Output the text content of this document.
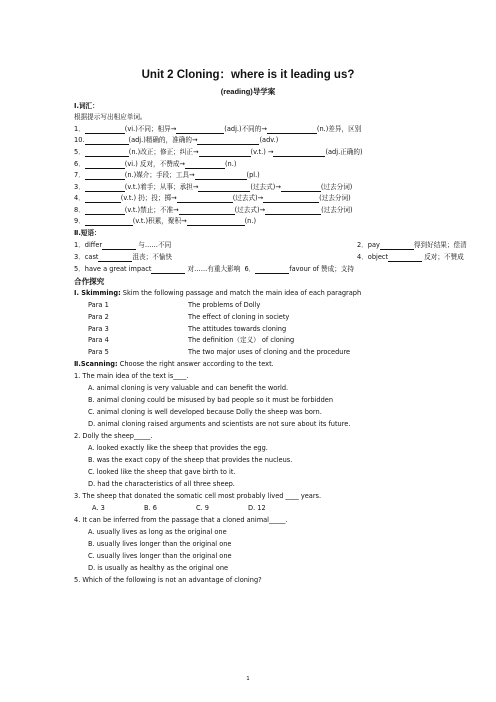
Unit 2 Cloning：where is it leading us?
(reading)导学案
Ⅰ.词汇：
根据提示写出相应单词。
1．	(vi.)不同；相异→	(adj.)不同的→	(n.)差异，区别
10.	(adj.)精确的，准确的→	(adv.)
5．	(n.)改正；修正；纠正→	(v.t.) →	(adj.正确的)
6．	(vi.) 反对，不赞成→	(n.)
7．	(n.)媒介；手段；工具→	(pl.)
3．	(v.t.)着手；从事；承担→	(过去式)→	(过去分词)
4．	(v.t.) 扔；投；掷→	(过去式)→	(过去分词)
8．	(v.t.)禁止；不准→	(过去式)→	(过去分词)
9．	(v.t.)积累，聚积→	(n.)
Ⅱ.短语：
1．differ	与……不同	2．pay	得到好结果；偿清
3．cast	沮丧；不愉快	4．object	反对；不赞成
5．have a great impact	对……有重大影响 6．	favour of 赞成；支持
合作探究
Ⅰ. Skimming: Skim the following passage and match the main idea of each paragraph
Para 1	The problems of Dolly
Para 2	The effect of cloning in society
Para 3	The attitudes towards cloning
Para 4	The definition（定义） of cloning
Para 5	The two major uses of cloning and the procedure
Ⅱ.Scanning: Choose the right answer according to the text.
1. The main idea of the text is____.
A. animal cloning is very valuable and can benefit the world.
B. animal cloning could be misused by bad people so it must be forbidden
C. animal cloning is well developed because Dolly the sheep was born.
D. animal cloning raised arguments and scientists are not sure about its future.
2. Dolly the sheep_____.
A. looked exactly like the sheep that provides the egg.
B. was the exact copy of the sheep that provides the nucleus.
C. looked like the sheep that gave birth to it.
D. had the characteristics of all three sheep.
3. The sheep that donated the somatic cell most probably lived ____ years.
A. 3	B. 6	C. 9	D. 12
4. It can be inferred from the passage that a cloned animal_____.
A. usually lives as long as the original one
B. usually lives longer than the original one
C. usually lives longer than the original one
D. is usually as healthy as the original one
5. Which of the following is not an advantage of cloning?
1
